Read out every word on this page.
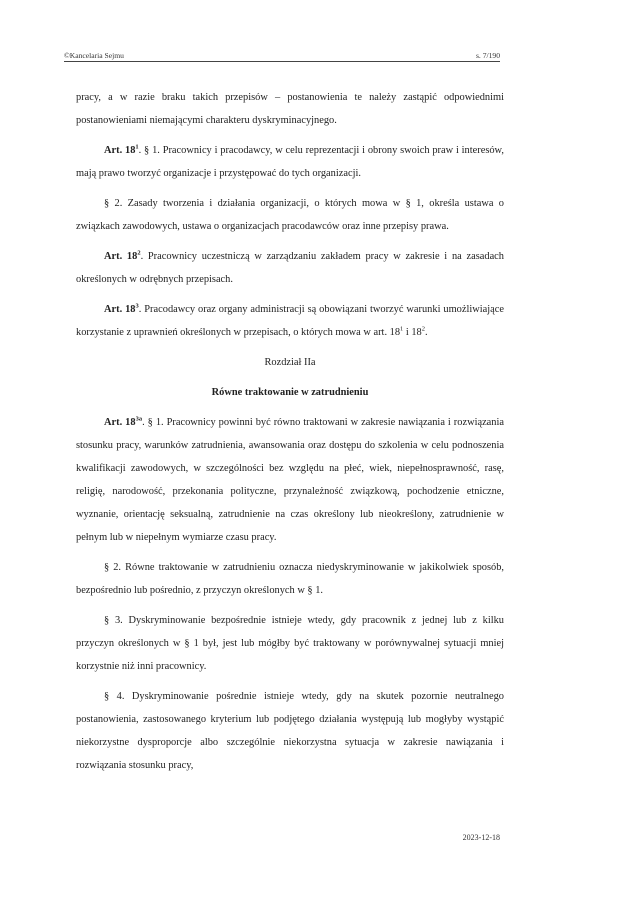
©Kancelaria Sejmu	s. 7/190

pracy, a w razie braku takich przepisów – postanowienia te należy zastąpić odpowiednimi postanowieniami niemającymi charakteru dyskryminacyjnego.

Art. $18^1$. § 1. Pracownicy i pracodawcy, w celu reprezentacji i obrony swoich praw i interesów, mają prawo tworzyć organizacje i przystępować do tych organizacji.

§ 2. Zasady tworzenia i działania organizacji, o których mowa w § 1, określa ustawa o związkach zawodowych, ustawa o organizacjach pracodawców oraz inne przepisy prawa.

Art. $18^2$. Pracownicy uczestniczą w zarządzaniu zakładem pracy w zakresie i na zasadach określonych w odrębnych przepisach.

Art. $18^3$. Pracodawcy oraz organy administracji są obowiązani tworzyć warunki umożliwiające korzystanie z uprawnień określonych w przepisach, o których mowa w art. $18^1$ i $18^2$.

Rozdział IIa

Równe traktowanie w zatrudnieniu

Art. $18^{3a}$. § 1. Pracownicy powinni być równo traktowani w zakresie nawiązania i rozwiązania stosunku pracy, warunków zatrudnienia, awansowania oraz dostępu do szkolenia w celu podnoszenia kwalifikacji zawodowych, w szczególności bez względu na płeć, wiek, niepełnosprawność, rasę, religię, narodowość, przekonania polityczne, przynależność związkową, pochodzenie etniczne, wyznanie, orientację seksualną, zatrudnienie na czas określony lub nieokreślony, zatrudnienie w pełnym lub w niepełnym wymiarze czasu pracy.

§ 2. Równe traktowanie w zatrudnieniu oznacza niedyskryminowanie w jakikolwiek sposób, bezpośrednio lub pośrednio, z przyczyn określonych w § 1.

§ 3. Dyskryminowanie bezpośrednie istnieje wtedy, gdy pracownik z jednej lub z kilku przyczyn określonych w § 1 był, jest lub mógłby być traktowany w porównywalnej sytuacji mniej korzystnie niż inni pracownicy.

§ 4. Dyskryminowanie pośrednie istnieje wtedy, gdy na skutek pozornie neutralnego postanowienia, zastosowanego kryterium lub podjętego działania występują lub mogłyby wystąpić niekorzystne dysproporcje albo szczególnie niekorzystna sytuacja w zakresie nawiązania i rozwiązania stosunku pracy,

2023-12-18
